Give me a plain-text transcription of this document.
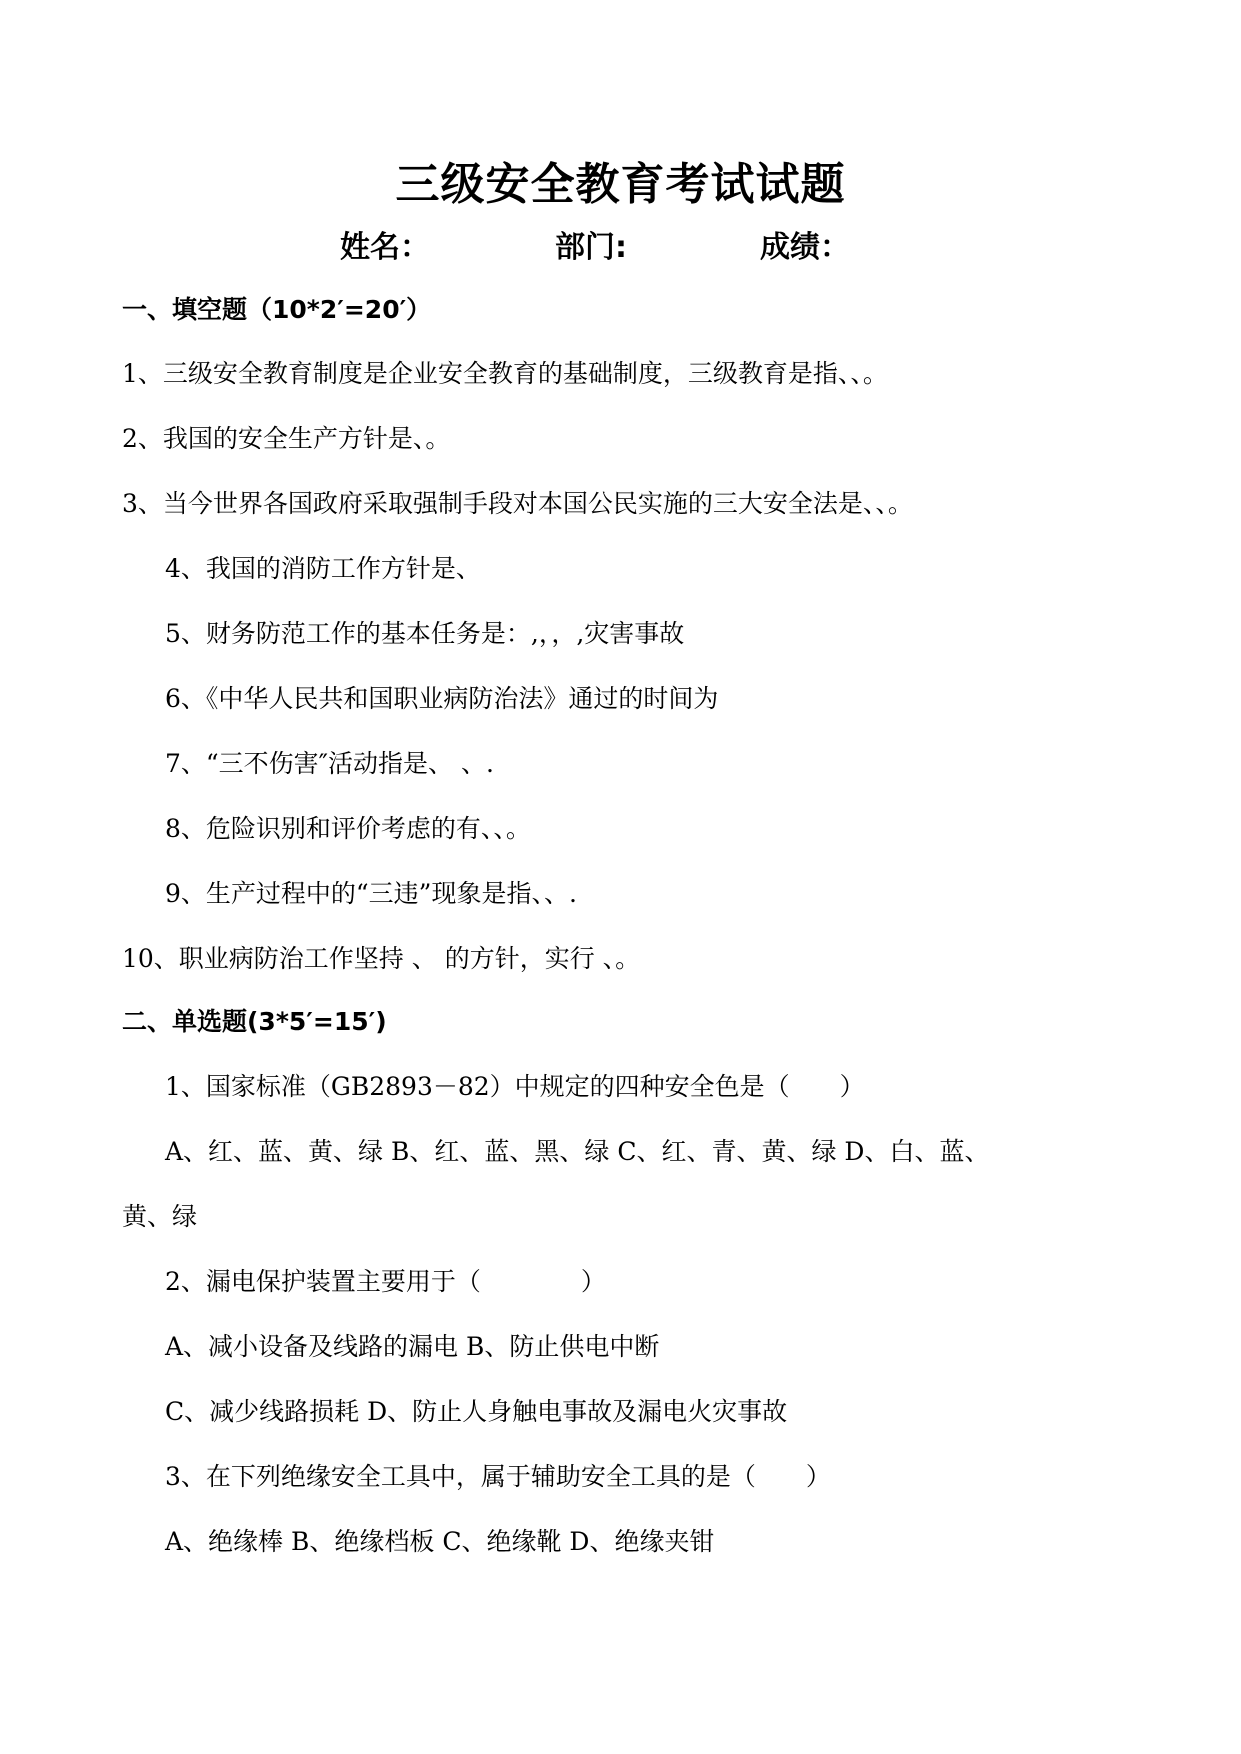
三级安全教育考试试题
姓名：	部门:	成绩：
一、填空题（10*2′=20′）
1、三级安全教育制度是企业安全教育的基础制度，三级教育是指、、。
2、我国的安全生产方针是、。
3、当今世界各国政府采取强制手段对本国公民实施的三大安全法是、、。
4、我国的消防工作方针是、
5、财务防范工作的基本任务是：,，，,灾害事故
6、《中华人民共和国职业病防治法》通过的时间为
7、“三不伤害″活动指是、 、.
8、危险识别和评价考虑的有、、。
9、生产过程中的“三违”现象是指、、.
10、职业病防治工作坚持 、 的方针，实行 、。
二、单选题(3*5′=15′)
1、国家标准（GB2893－82）中规定的四种安全色是（　　）
A、红、蓝、黄、绿 B、红、蓝、黑、绿 C、红、青、黄、绿 D、白、蓝、
黄、绿
2、漏电保护装置主要用于（　　　　）
A、减小设备及线路的漏电 B、防止供电中断
C、减少线路损耗 D、防止人身触电事故及漏电火灾事故
3、在下列绝缘安全工具中，属于辅助安全工具的是（　　）
A、绝缘棒 B、绝缘档板 C、绝缘靴 D、绝缘夹钳
